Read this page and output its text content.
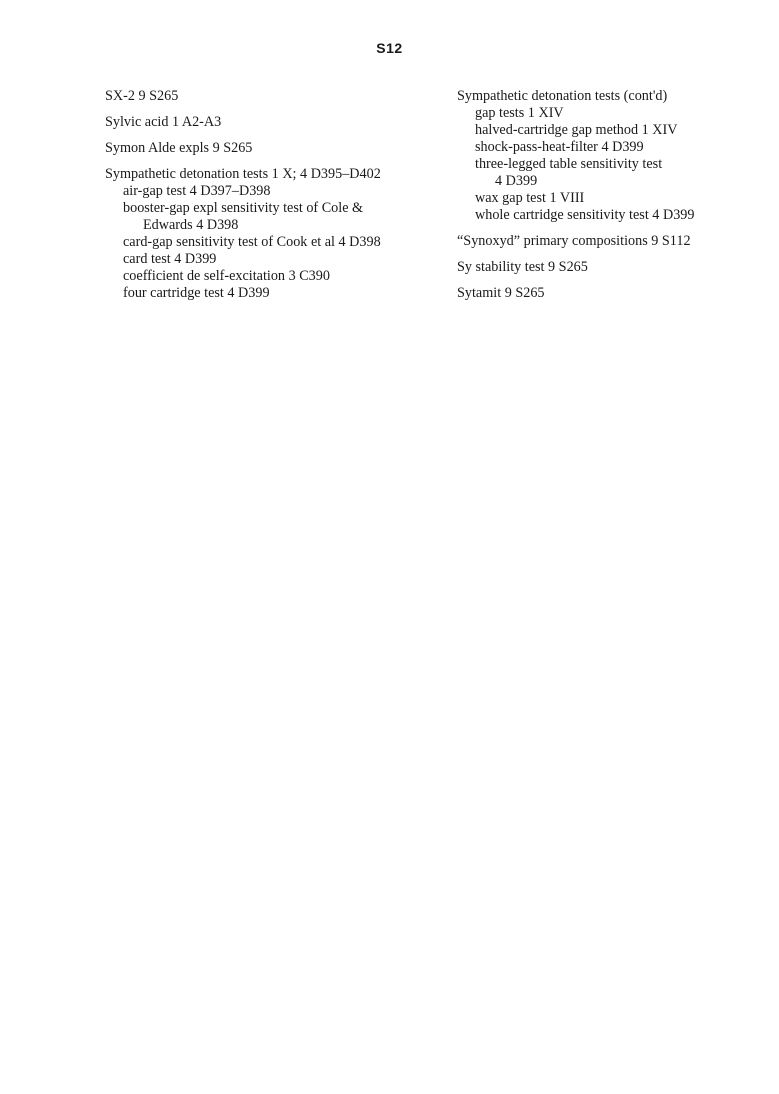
S12
SX-2 9 S265
Sylvic acid 1 A2-A3
Symon Alde expls 9 S265
Sympathetic detonation tests 1 X; 4 D395–D402
air-gap test 4 D397–D398
booster-gap expl sensitivity test of Cole &
Edwards 4 D398
card-gap sensitivity test of Cook et al 4 D398
card test 4 D399
coefficient de self-excitation 3 C390
four cartridge test 4 D399
Sympathetic detonation tests (cont'd)
gap tests 1 XIV
halved-cartridge gap method 1 XIV
shock-pass-heat-filter 4 D399
three-legged table sensitivity test
4 D399
wax gap test 1 VIII
whole cartridge sensitivity test 4 D399
“Synoxyd” primary compositions 9 S112
Sy stability test 9 S265
Sytamit 9 S265
